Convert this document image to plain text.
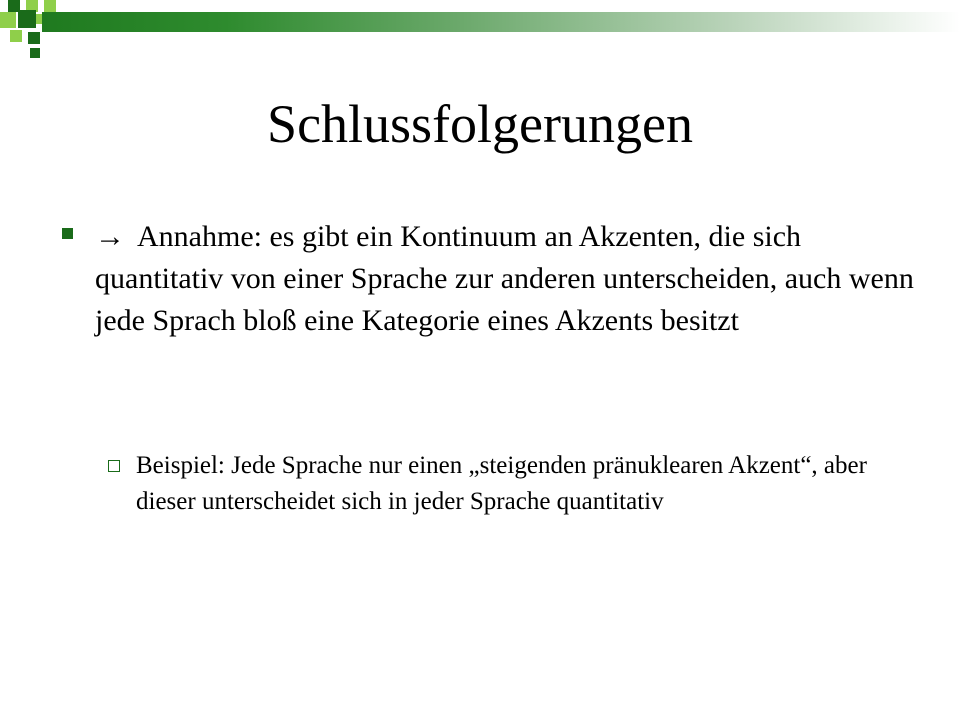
Schlussfolgerungen

→ Annahme: es gibt ein Kontinuum an Akzenten, die sich quantitativ von einer Sprache zur anderen unterscheiden, auch wenn jede Sprach bloß eine Kategorie eines Akzents besitzt

Beispiel: Jede Sprache nur einen „steigenden pränuklearen Akzent“, aber dieser unterscheidet sich in jeder Sprache quantitativ
